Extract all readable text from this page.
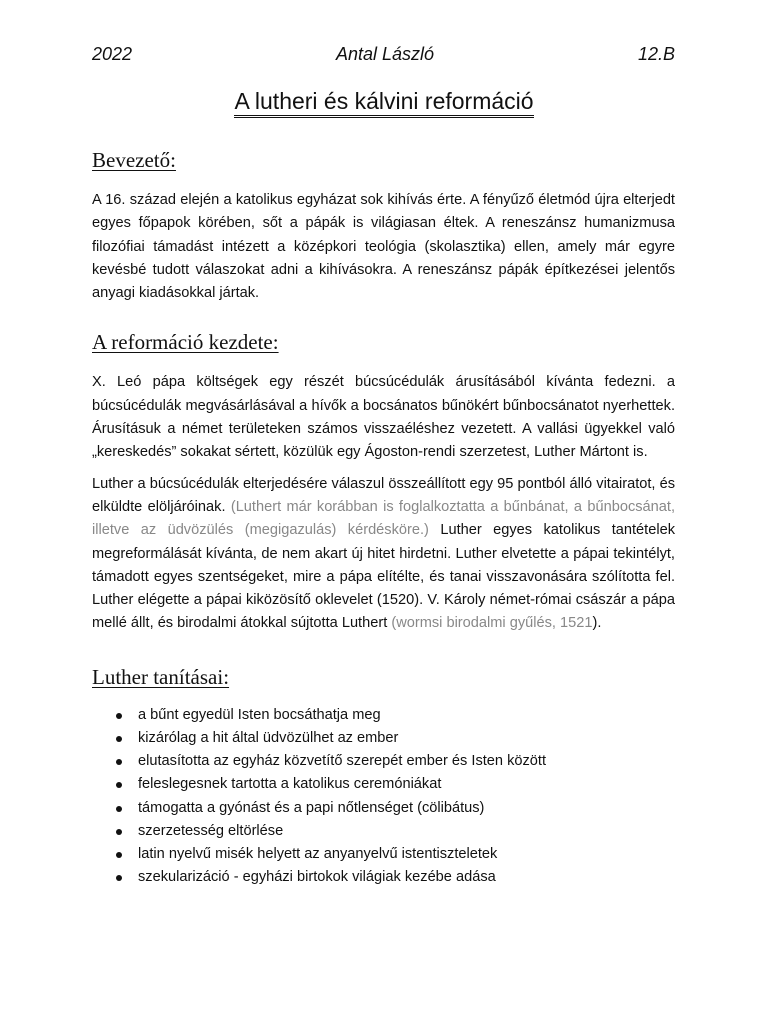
2022	Antal László	12.B
A lutheri és kálvini reformáció
Bevezető:

A 16. század elején a katolikus egyházat sok kihívás érte. A fényűző életmód újra elterjedt egyes főpapok körében, sőt a pápák is világiasan éltek. A reneszánsz humanizmusa filozófiai támadást intézett a középkori teológia (skolasztika) ellen, amely már egyre kevésbé tudott válaszokat adni a kihívásokra. A reneszánsz pápák építkezései jelentős anyagi kiadásokkal jártak.

A reformáció kezdete:

X. Leó pápa költségek egy részét búcsúcédulák árusításából kívánta fedezni. a búcsúcédulák megvásárlásával a hívők a bocsánatos bűnökért bűnbocsánatot nyerhettek. Árusításuk a német területeken számos visszaéléshez vezetett. A vallási ügyekkel való „kereskedés” sokakat sértett, közülük egy Ágoston-rendi szerzetest, Luther Mártont is.

Luther a búcsúcédulák elterjedésére válaszul összeállított egy 95 pontból álló vitairatot, és elküldte elöljáróinak. (Luthert már korábban is foglalkoztatta a bűnbánat, a bűnbocsánat, illetve az üdvözülés (megigazulás) kérdésköre.) Luther egyes katolikus tantételek megreformálását kívánta, de nem akart új hitet hirdetni. Luther elvetette a pápai tekintélyt, támadott egyes szentségeket, mire a pápa elítélte, és tanai visszavonására szólította fel. Luther elégette a pápai kiközösítő oklevelet (1520). V. Károly német-római császár a pápa mellé állt, és birodalmi átokkal sújtotta Luthert (wormsi birodalmi gyűlés, 1521).

Luther tanításai:
a bűnt egyedül Isten bocsáthatja meg
kizárólag a hit által üdvözülhet az ember
elutasította az egyház közvetítő szerepét ember és Isten között
feleslegesnek tartotta a katolikus ceremóniákat
támogatta a gyónást és a papi nőtlenséget (cölibátus)
szerzetesség eltörlése
latin nyelvű misék helyett az anyanyelvű istentiszteletek
szekularizáció - egyházi birtokok világiak kezébe adása
